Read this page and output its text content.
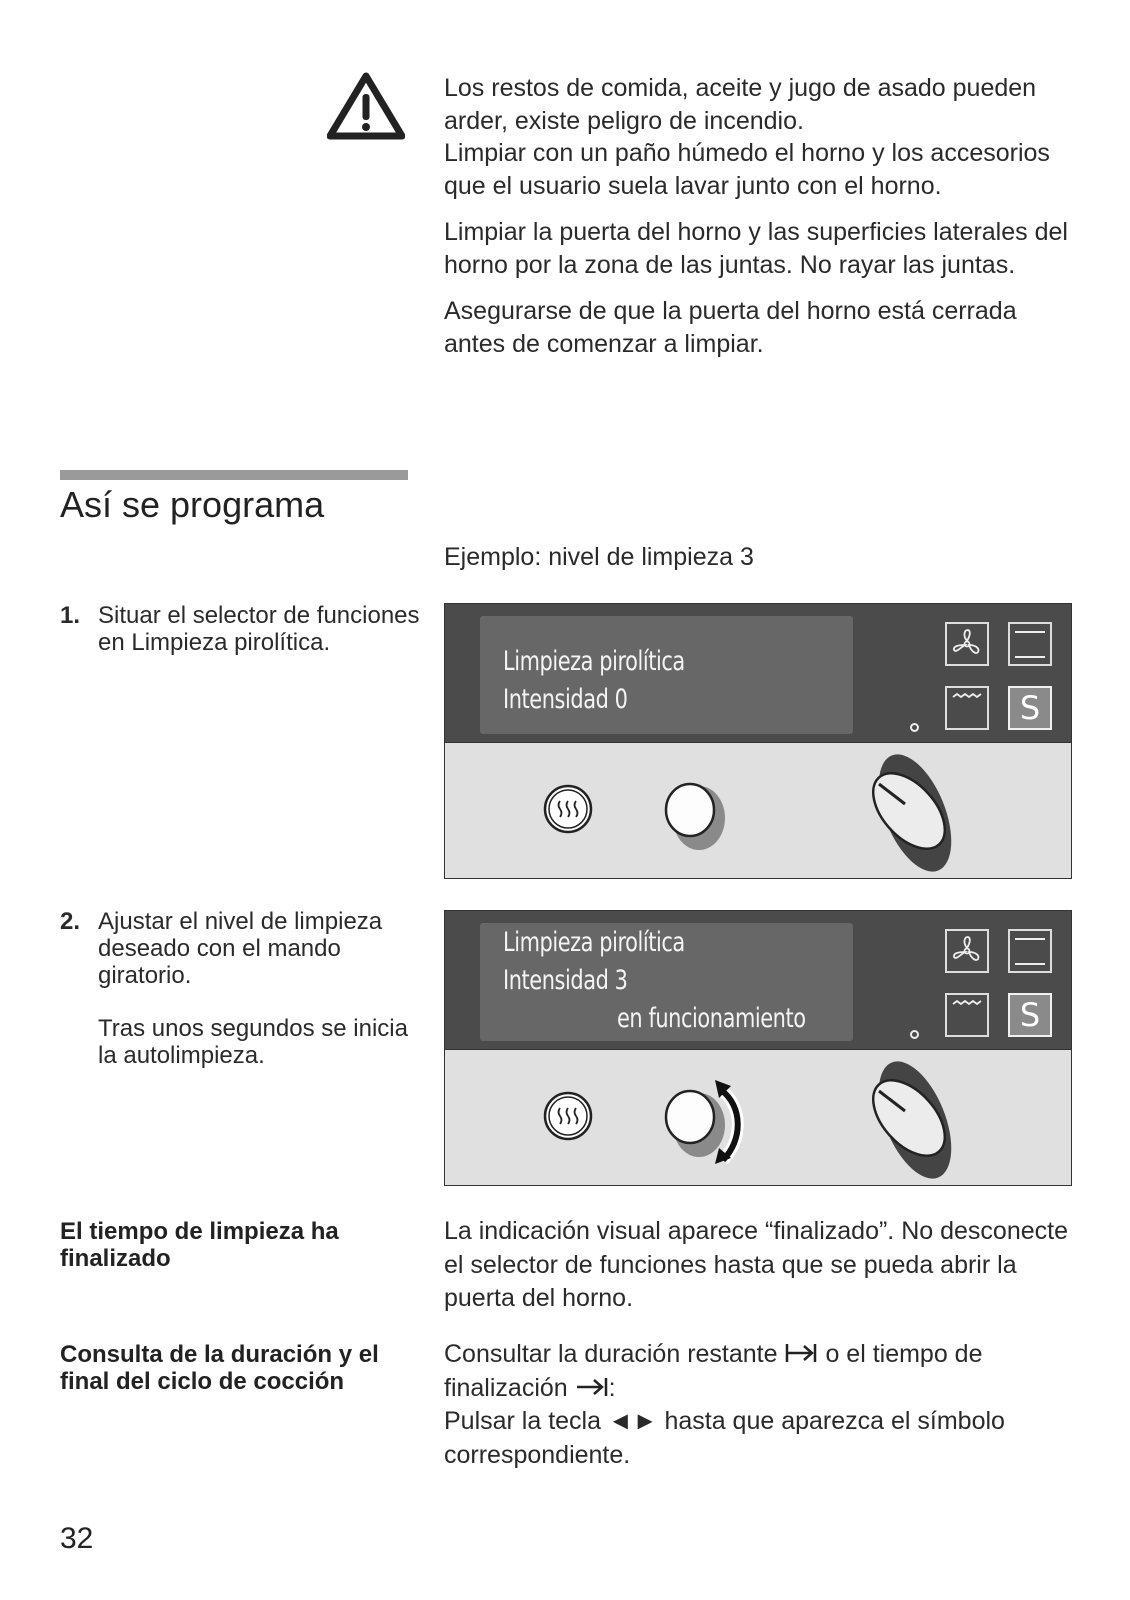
Los restos de comida, aceite y jugo de asado pueden arder, existe peligro de incendio.

Limpiar con un paño húmedo el horno y los accesorios que el usuario suela lavar junto con el horno.

Limpiar la puerta del horno y las superficies laterales del horno por la zona de las juntas. No rayar las juntas.

Asegurarse de que la puerta del horno está cerrada antes de comenzar a limpiar.

Así se programa
Ejemplo: nivel de limpieza 3
1. Situar el selector de funciones en Limpieza pirolítica.

Limpieza pirolítica
Intensidad 0	S
2. Ajustar el nivel de limpieza deseado con el mando giratorio.

Tras unos segundos se inicia la autolimpieza.

Limpieza pirolítica
Intensidad 3
en funcionamiento	S

El tiempo de limpieza ha finalizado

La indicación visual aparece “finalizado”. No desconecte el selector de funciones hasta que se pueda abrir la puerta del horno.

Consulta de la duración y el final del ciclo de cocción

Consultar la duración restante o el tiempo de finalización :

Pulsar la tecla ◄► hasta que aparezca el símbolo correspondiente.

32
